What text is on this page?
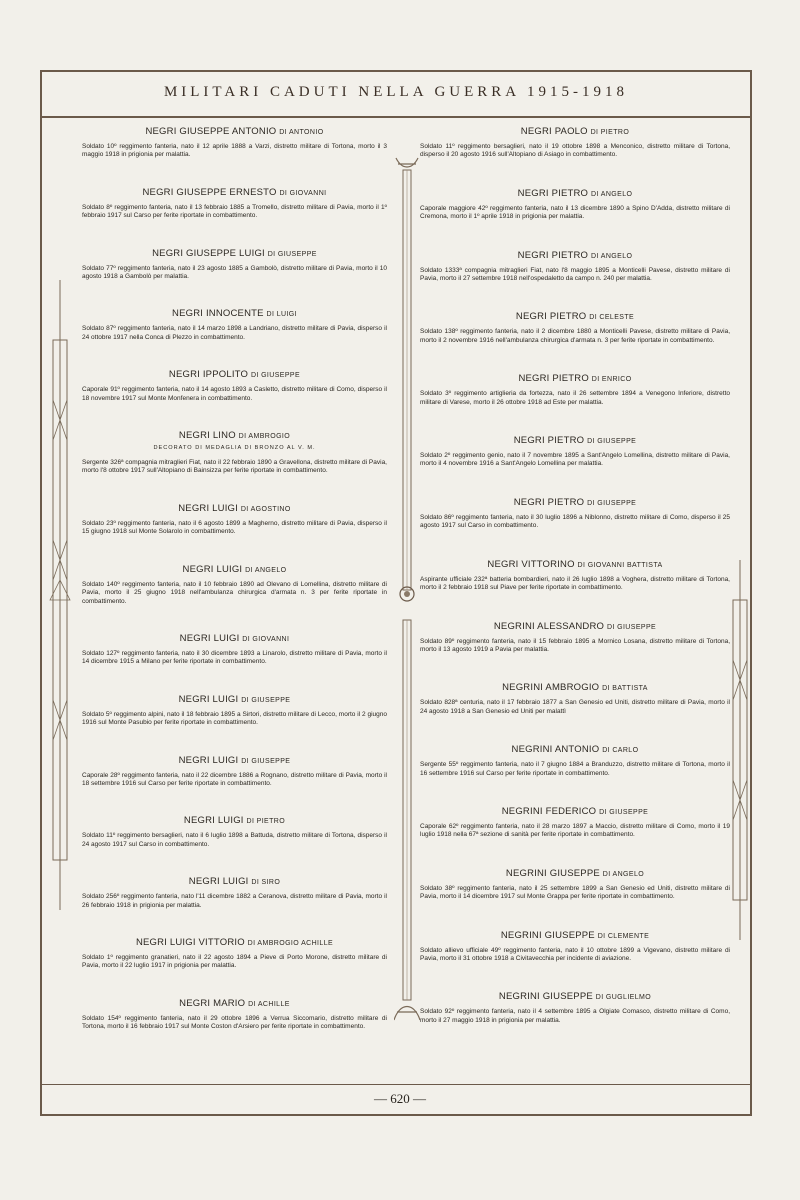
MILITARI CADUTI NELLA GUERRA 1915-1918
NEGRI GIUSEPPE ANTONIO DI ANTONIO
Soldato 10º reggimento fanteria, nato il 12 aprile 1888 a Varzi, distretto militare di Tortona, morto il 3 maggio 1918 in prigionia per malattia.
NEGRI GIUSEPPE ERNESTO DI GIOVANNI
Soldato 8º reggimento fanteria, nato il 13 febbraio 1885 a Tromello, distretto militare di Pavia, morto il 1º febbraio 1917 sul Carso per ferite riportate in combattimento.
NEGRI GIUSEPPE LUIGI DI GIUSEPPE
Soldato 77º reggimento fanteria, nato il 23 agosto 1885 a Gambolò, distretto militare di Pavia, morto il 10 agosto 1918 a Gambolò per malattia.
NEGRI INNOCENTE DI LUIGI
Soldato 87º reggimento fanteria, nato il 14 marzo 1898 a Landriano, distretto militare di Pavia, disperso il 24 ottobre 1917 nella Conca di Plezzo in combattimento.
NEGRI IPPOLITO DI GIUSEPPE
Caporale 91º reggimento fanteria, nato il 14 agosto 1893 a Casletto, distretto militare di Como, disperso il 18 novembre 1917 sul Monte Monfenera in combattimento.
NEGRI LINO DI AMBROGIO
DECORATO DI MEDAGLIA DI BRONZO AL V. M.
Sergente 326ª compagnia mitraglieri Fiat, nato il 22 febbraio 1890 a Gravellona, distretto militare di Pavia, morto l'8 ottobre 1917 sull'Altopiano di Bainsizza per ferite riportate in combattimento.
NEGRI LUIGI DI AGOSTINO
Soldato 23º reggimento fanteria, nato il 6 agosto 1899 a Magherno, distretto militare di Pavia, disperso il 15 giugno 1918 sul Monte Solarolo in combattimento.
NEGRI LUIGI DI ANGELO
Soldato 140º reggimento fanteria, nato il 10 febbraio 1890 ad Olevano di Lomellina, distretto militare di Pavia, morto il 25 giugno 1918 nell'ambulanza chirurgica d'armata n. 3 per ferite riportate in combattimento.
NEGRI LUIGI DI GIOVANNI
Soldato 127º reggimento fanteria, nato il 30 dicembre 1893 a Linarolo, distretto militare di Pavia, morto il 14 dicembre 1915 a Milano per ferite riportate in combattimento.
NEGRI LUIGI DI GIUSEPPE
Soldato 5º reggimento alpini, nato il 18 febbraio 1895 a Sirtori, distretto militare di Lecco, morto il 2 giugno 1916 sul Monte Pasubio per ferite riportate in combattimento.
NEGRI LUIGI DI GIUSEPPE
Caporale 28º reggimento fanteria, nato il 22 dicembre 1886 a Rognano, distretto militare di Pavia, morto il 18 settembre 1916 sul Carso per ferite riportate in combattimento.
NEGRI LUIGI DI PIETRO
Soldato 11º reggimento bersaglieri, nato il 6 luglio 1898 a Battuda, distretto militare di Tortona, disperso il 24 agosto 1917 sul Carso in combattimento.
NEGRI LUIGI DI SIRO
Soldato 256º reggimento fanteria, nato l'11 dicembre 1882 a Ceranova, distretto militare di Pavia, morto il 26 febbraio 1918 in prigionia per malattia.
NEGRI LUIGI VITTORIO DI AMBROGIO ACHILLE
Soldato 1º reggimento granatieri, nato il 22 agosto 1894 a Pieve di Porto Morone, distretto militare di Pavia, morto il 22 luglio 1917 in prigionia per malattia.
NEGRI MARIO DI ACHILLE
Soldato 154º reggimento fanteria, nato il 29 ottobre 1896 a Verrua Siccomario, distretto militare di Tortona, morto il 16 febbraio 1917 sul Monte Coston d'Arsiero per ferite riportate in combattimento.
NEGRI PAOLO DI PIETRO
Soldato 11º reggimento bersaglieri, nato il 19 ottobre 1898 a Menconico, distretto militare di Tortona, disperso il 20 agosto 1916 sull'Altopiano di Asiago in combattimento.
NEGRI PIETRO DI ANGELO
Caporale maggiore 42º reggimento fanteria, nato il 13 dicembre 1890 a Spino D'Adda, distretto militare di Cremona, morto il 1º aprile 1918 in prigionia per malattia.
NEGRI PIETRO DI ANGELO
Soldato 1333ª compagnia mitraglieri Fiat, nato l'8 maggio 1895 a Monticelli Pavese, distretto militare di Pavia, morto il 27 settembre 1918 nell'ospedaletto da campo n. 240 per malattia.
NEGRI PIETRO DI CELESTE
Soldato 138º reggimento fanteria, nato il 2 dicembre 1880 a Monticelli Pavese, distretto militare di Pavia, morto il 2 novembre 1916 nell'ambulanza chirurgica d'armata n. 3 per ferite riportate in combattimento.
NEGRI PIETRO DI ENRICO
Soldato 3º reggimento artiglieria da fortezza, nato il 26 settembre 1894 a Venegono Inferiore, distretto militare di Varese, morto il 26 ottobre 1918 ad Este per malattia.
NEGRI PIETRO DI GIUSEPPE
Soldato 2º reggimento genio, nato il 7 novembre 1895 a Sant'Angelo Lomellina, distretto militare di Pavia, morto il 4 novembre 1916 a Sant'Angelo Lomellina per malattia.
NEGRI PIETRO DI GIUSEPPE
Soldato 86º reggimento fanteria, nato il 30 luglio 1896 a Niblonno, distretto militare di Como, disperso il 25 agosto 1917 sul Carso in combattimento.
NEGRI VITTORINO DI GIOVANNI BATTISTA
Aspirante ufficiale 232ª batteria bombardieri, nato il 26 luglio 1898 a Voghera, distretto militare di Tortona, morto il 2 febbraio 1918 sul Piave per ferite riportate in combattimento.
NEGRINI ALESSANDRO DI GIUSEPPE
Soldato 89º reggimento fanteria, nato il 15 febbraio 1895 a Mornico Losana, distretto militare di Tortona, morto il 13 agosto 1919 a Pavia per malattia.
NEGRINI AMBROGIO DI BATTISTA
Soldato 828ª centuria, nato il 17 febbraio 1877 a San Genesio ed Uniti, distretto militare di Pavia, morto il 24 agosto 1918 a San Genesio ed Uniti per malattì
NEGRINI ANTONIO DI CARLO
Sergente 55º reggimento fanteria, nato il 7 giugno 1884 a Branduzzo, distretto militare di Tortona, morto il 16 settembre 1916 sul Carso per ferite riportate in combattimento.
NEGRINI FEDERICO DI GIUSEPPE
Caporale 62º reggimento fanteria, nato il 28 marzo 1897 a Maccio, distretto militare di Como, morto il 19 luglio 1918 nella 67ª sezione di sanità per ferite riportate in combattimento.
NEGRINI GIUSEPPE DI ANGELO
Soldato 38º reggimento fanteria, nato il 25 settembre 1899 a San Genesio ed Uniti, distretto militare di Pavia, morto il 14 dicembre 1917 sul Monte Grappa per ferite riportate in combattimento.
NEGRINI GIUSEPPE DI CLEMENTE
Soldato allievo ufficiale 49º reggimento fanteria, nato il 10 ottobre 1899 a Vigevano, distretto militare di Pavia, morto il 31 ottobre 1918 a Civitavecchia per incidente di aviazione.
NEGRINI GIUSEPPE DI GUGLIELMO
Soldato 92º reggimento fanteria, nato il 4 settembre 1895 a Olgiate Comasco, distretto militare di Como, morto il 27 maggio 1918 in prigionia per malattia.
— 620 —
